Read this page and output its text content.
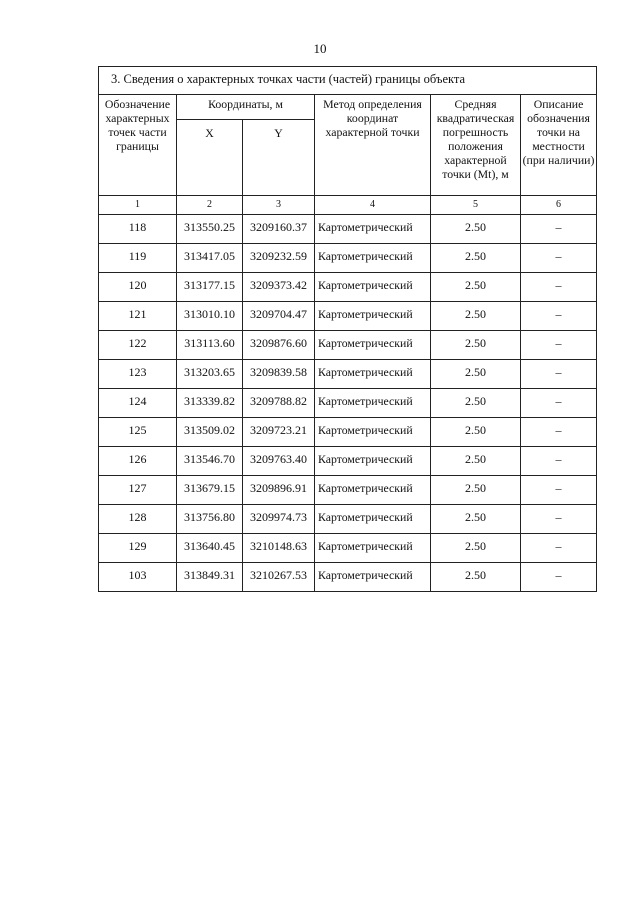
10
3. Сведения о характерных точках части (частей) границы объекта					
Обозначение характерных точек части границы	Координаты, м		Метод определения координат характерной точки	Средняя квадратическая погрешность положения характерной точки (Mt), м	Описание обозначения точки на местности (при наличии)
	X	Y			
1	2	3	4	5	6
118	313550.25	3209160.37	Картометрический	2.50	–
119	313417.05	3209232.59	Картометрический	2.50	–
120	313177.15	3209373.42	Картометрический	2.50	–
121	313010.10	3209704.47	Картометрический	2.50	–
122	313113.60	3209876.60	Картометрический	2.50	–
123	313203.65	3209839.58	Картометрический	2.50	–
124	313339.82	3209788.82	Картометрический	2.50	–
125	313509.02	3209723.21	Картометрический	2.50	–
126	313546.70	3209763.40	Картометрический	2.50	–
127	313679.15	3209896.91	Картометрический	2.50	–
128	313756.80	3209974.73	Картометрический	2.50	–
129	313640.45	3210148.63	Картометрический	2.50	–
103	313849.31	3210267.53	Картометрический	2.50	–
